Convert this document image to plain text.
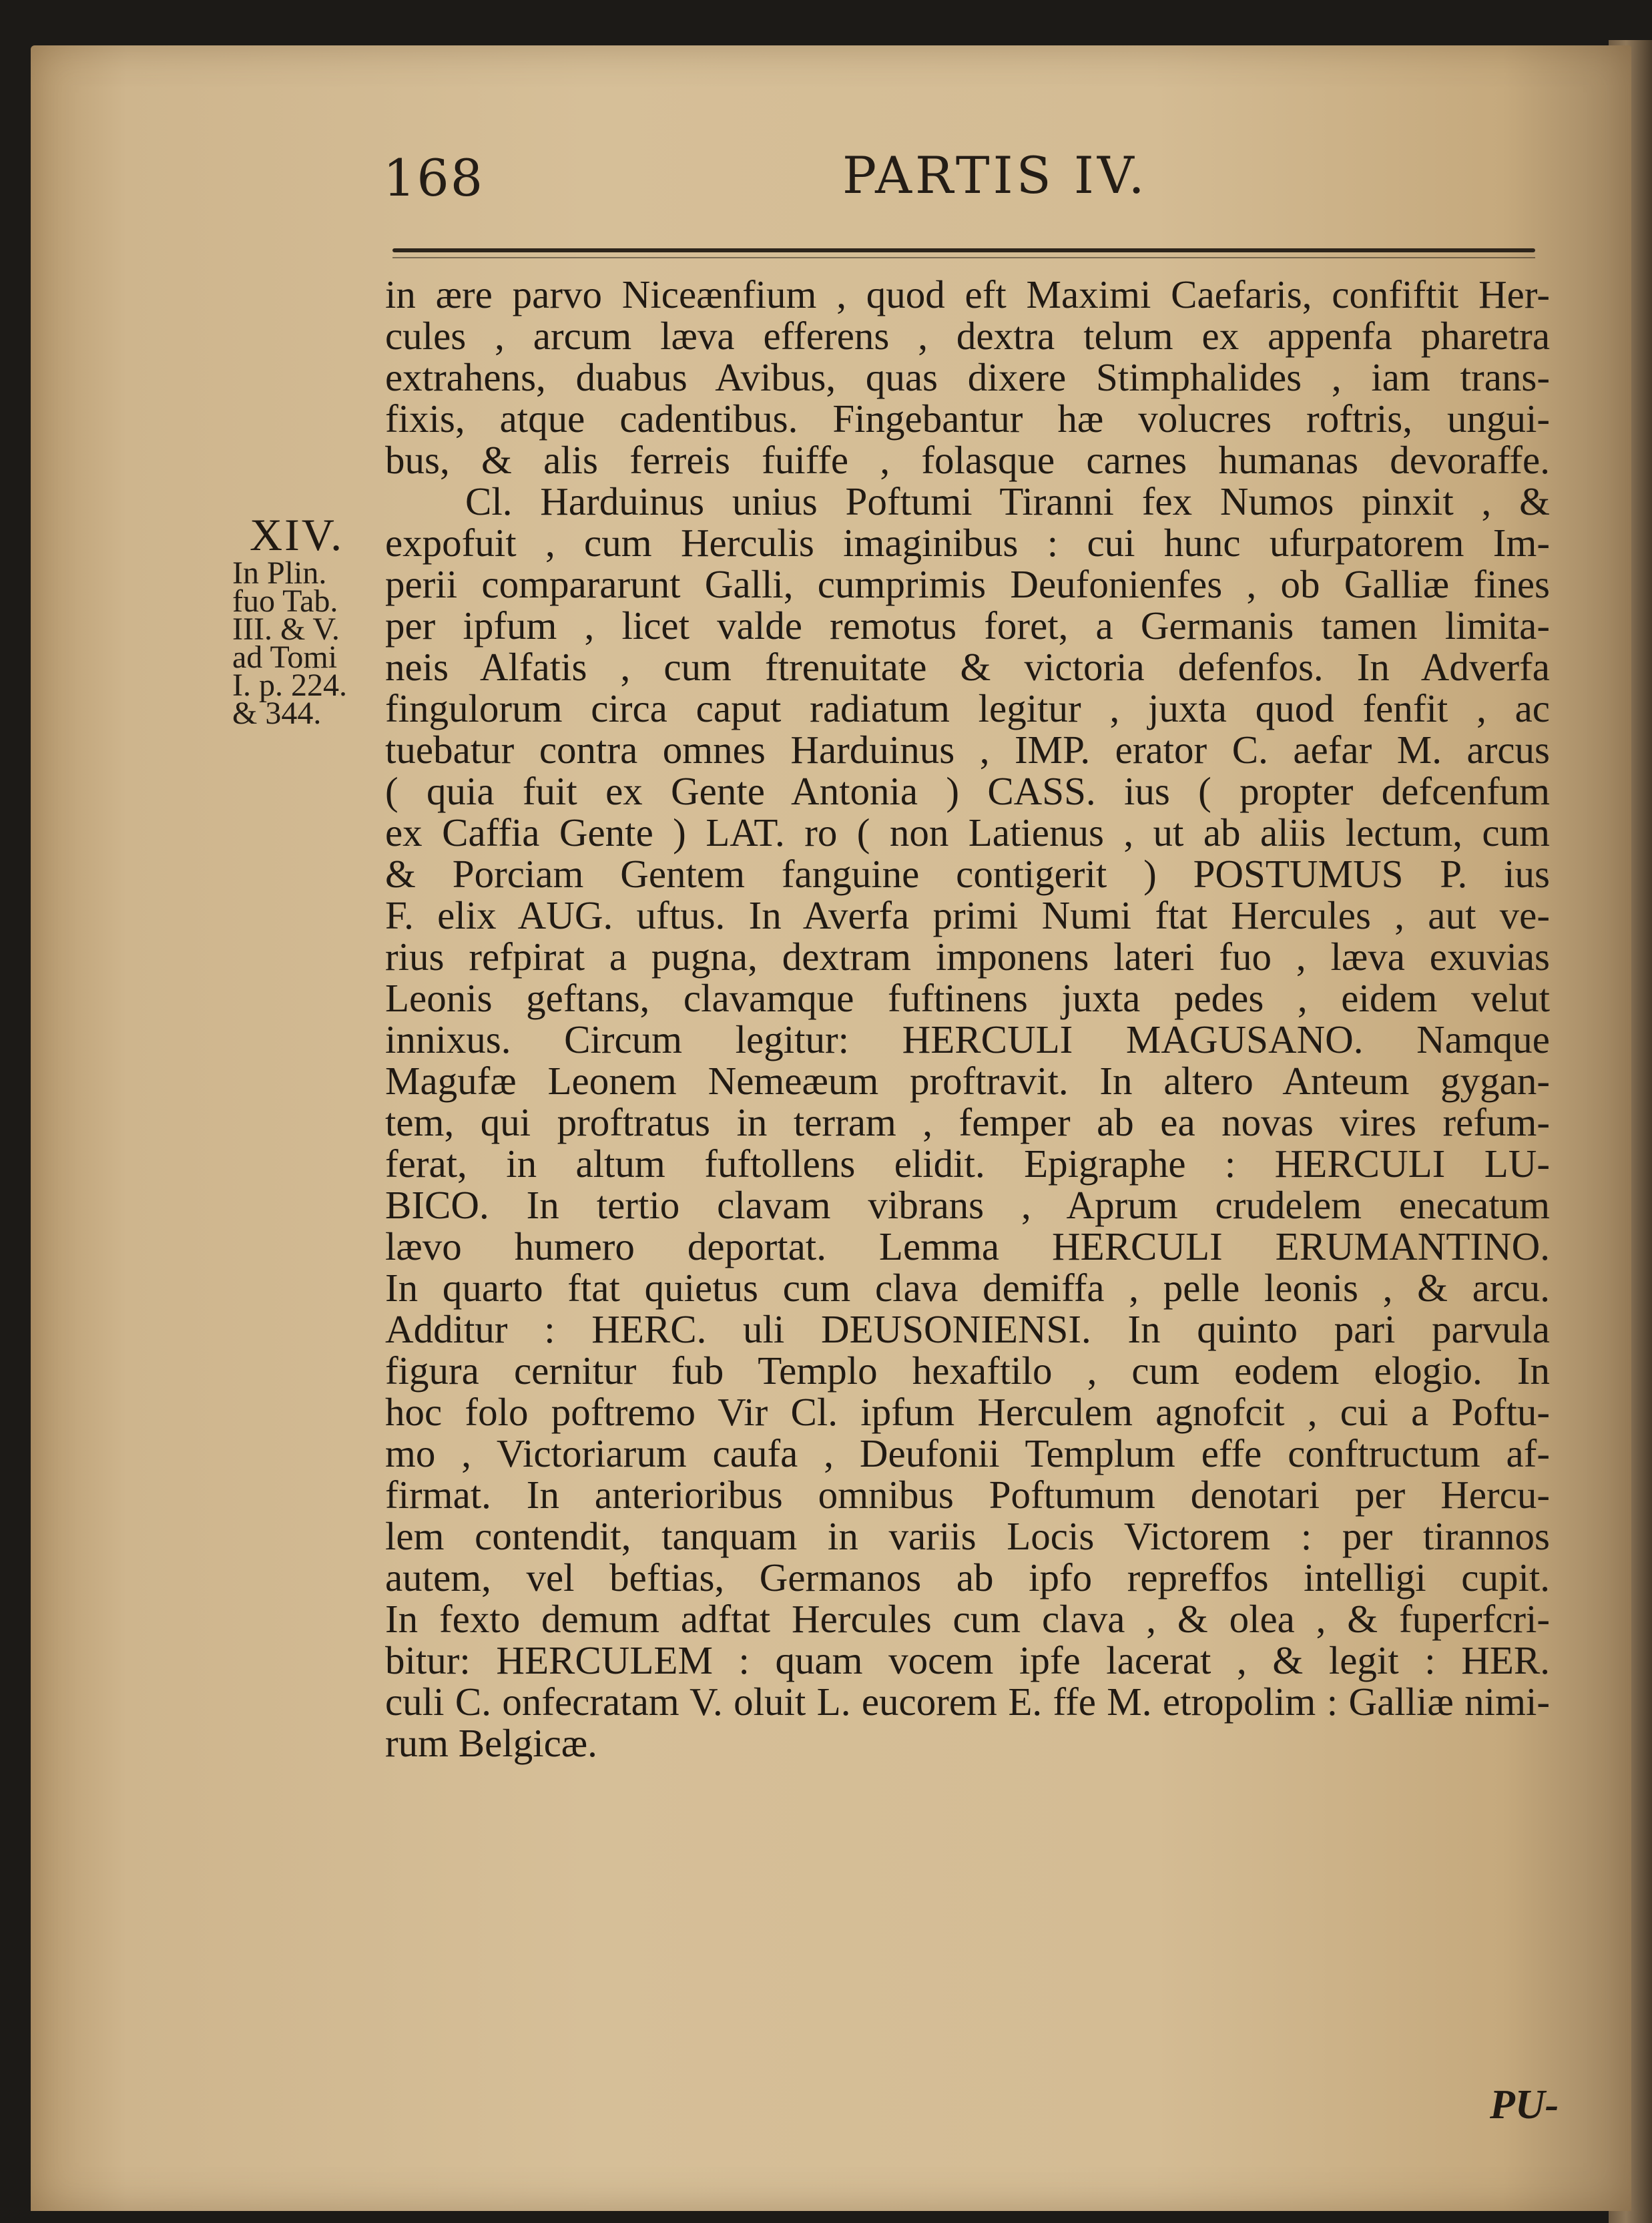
168	PARTIS IV.
XIV.
In Plin.
fuo Tab.
III. & V.
ad Tomi
I. p. 224.
& 344.
in ære parvo Niceænfium , quod eft Maximi Caefaris, confiftit Her-
cules , arcum læva efferens , dextra telum ex appenfa pharetra
extrahens, duabus Avibus, quas dixere Stimphalides , iam trans-
fixis, atque cadentibus. Fingebantur hæ volucres roftris, ungui-
bus, & alis ferreis fuiffe , folasque carnes humanas devoraffe.
Cl. Harduinus unius Poftumi Tiranni fex Numos pinxit , &
expofuit , cum Herculis imaginibus : cui hunc ufurpatorem Im-
perii compararunt Galli, cumprimis Deufonienfes , ob Galliæ fines
per ipfum , licet valde remotus foret, a Germanis tamen limita-
neis Alfatis , cum ftrenuitate & victoria defenfos. In Adverfa
fingulorum circa caput radiatum legitur , juxta quod fenfit , ac
tuebatur contra omnes Harduinus , IMP. erator C. aefar M. arcus
( quia fuit ex Gente Antonia ) CASS. ius ( propter defcenfum
ex Caffia Gente ) LAT. ro ( non Latienus , ut ab aliis lectum, cum
& Porciam Gentem fanguine contigerit ) POSTUMUS P. ius
F. elix AUG. uftus. In Averfa primi Numi ftat Hercules , aut ve-
rius refpirat a pugna, dextram imponens lateri fuo , læva exuvias
Leonis geftans, clavamque fuftinens juxta pedes , eidem velut
innixus. Circum legitur: HERCULI MAGUSANO. Namque
Magufæ Leonem Nemeæum proftravit. In altero Anteum gygan-
tem, qui proftratus in terram , femper ab ea novas vires refum-
ferat, in altum fuftollens elidit. Epigraphe : HERCULI LU-
BICO. In tertio clavam vibrans , Aprum crudelem enecatum
lævo humero deportat. Lemma HERCULI ERUMANTINO.
In quarto ftat quietus cum clava demiffa , pelle leonis , & arcu.
Additur : HERC. uli DEUSONIENSI. In quinto pari parvula
figura cernitur fub Templo hexaftilo , cum eodem elogio. In
hoc folo poftremo Vir Cl. ipfum Herculem agnofcit , cui a Poftu-
mo , Victoriarum caufa , Deufonii Templum effe conftructum af-
firmat. In anterioribus omnibus Poftumum denotari per Hercu-
lem contendit, tanquam in variis Locis Victorem : per tirannos
autem, vel beftias, Germanos ab ipfo repreffos intelligi cupit.
In fexto demum adftat Hercules cum clava , & olea , & fuperfcri-
bitur: HERCULEM : quam vocem ipfe lacerat , & legit : HER.
culi C. onfecratam V. oluit L. eucorem E. ffe M. etropolim : Galliæ nimi-
rum Belgicæ.
PU-
